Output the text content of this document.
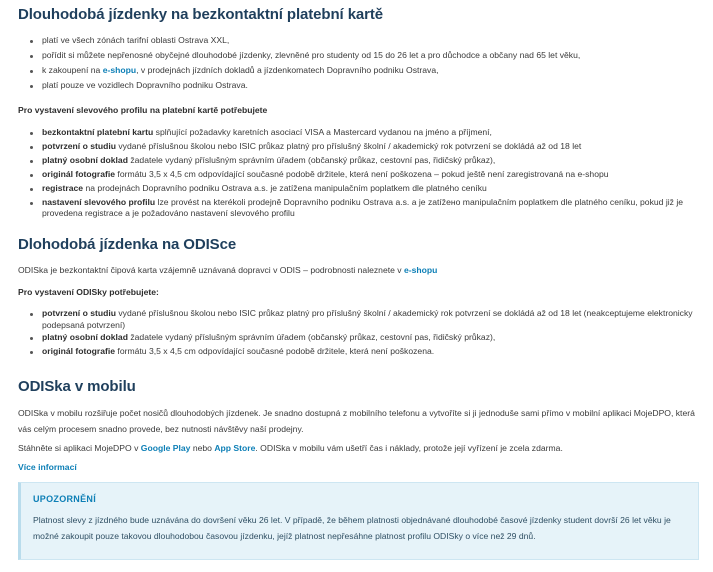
Dlouhodobá jízdenky na bezkontaktní platební kartě
platí ve všech zónách tarifní oblasti Ostrava XXL,
pořídit si můžete nepřenosné obyčejné dlouhodobé jízdenky, zlevněné pro studenty od 15 do 26 let a pro důchodce a občany nad 65 let věku,
k zakoupení na e-shopu, v prodejnách jízdních dokladů a jízdenkomatech Dopravního podniku Ostrava,
platí pouze ve vozidlech Dopravního podniku Ostrava.

Pro vystavení slevového profilu na platební kartě potřebujete

bezkontaktní platební kartu splňující požadavky karetních asociací VISA a Mastercard vydanou na jméno a příjmení,
potvrzení o studiu vydané příslušnou školou nebo ISIC průkaz platný pro příslušný školní / akademický rok potvrzení se dokládá až od 18 let
platný osobní doklad žadatele vydaný příslušným správním úřadem (občanský průkaz, cestovní pas, řidičský průkaz),
originál fotografie formátu 3,5 x 4,5 cm odpovídající současné podobě držitele, která není poškozena – pokud ještě není zaregistrovaná na e-shopu
registrace na prodejnách Dopravního podniku Ostrava a.s. je zatížena manipulačním poplatkem dle platného ceníku
nastavení slevového profilu lze provést na kterékoli prodejně Dopravního podniku Ostrava a.s. a je zatížено manipulačním poplatkem dle platného ceníku, pokud již je provedena registrace a je požadováno nastavení slevového profilu
Dlohodobá jízdenka na ODISce

ODISka je bezkontaktní čipová karta vzájemně uznávaná dopravci v ODIS – podrobnosti naleznete v e-shopu

Pro vystavení ODISky potřebujete:

potvrzení o studiu vydané příslušnou školou nebo ISIC průkaz platný pro příslušný školní / akademický rok potvrzení se dokládá až od 18 let (neakceptujeme elektronicky podepsaná potvrzení)
platný osobní doklad žadatele vydaný příslušným správním úřadem (občanský průkaz, cestovní pas, řidičský průkaz),
originál fotografie formátu 3,5 x 4,5 cm odpovídající současné podobě držitele, která není poškozena.
ODISka v mobilu

ODISka v mobilu rozšiřuje počet nosičů dlouhodobých jízdenek. Je snadno dostupná z mobilního telefonu a vytvoříte si ji jednoduše sami přímo v mobilní aplikaci MojeDPO, která vás celým procesem snadno provede, bez nutnosti návštěvy naší prodejny.

Stáhněte si aplikaci MojeDPO v Google Play nebo App Store. ODISka v mobilu vám ušetří čas i náklady, protože její vyřízení je zcela zdarma.

Více informací

UPOZORNĚNÍ
Platnost slevy z jízdného bude uznávána do dovršení věku 26 let. V případě, že během platnosti objednávané dlouhodobé časové jízdenky student dovrší 26 let věku je možné zakoupit pouze takovou dlouhodobou časovou jízdenku, jejíž platnost nepřesáhne platnost profilu ODISky o více než 29 dnů.
